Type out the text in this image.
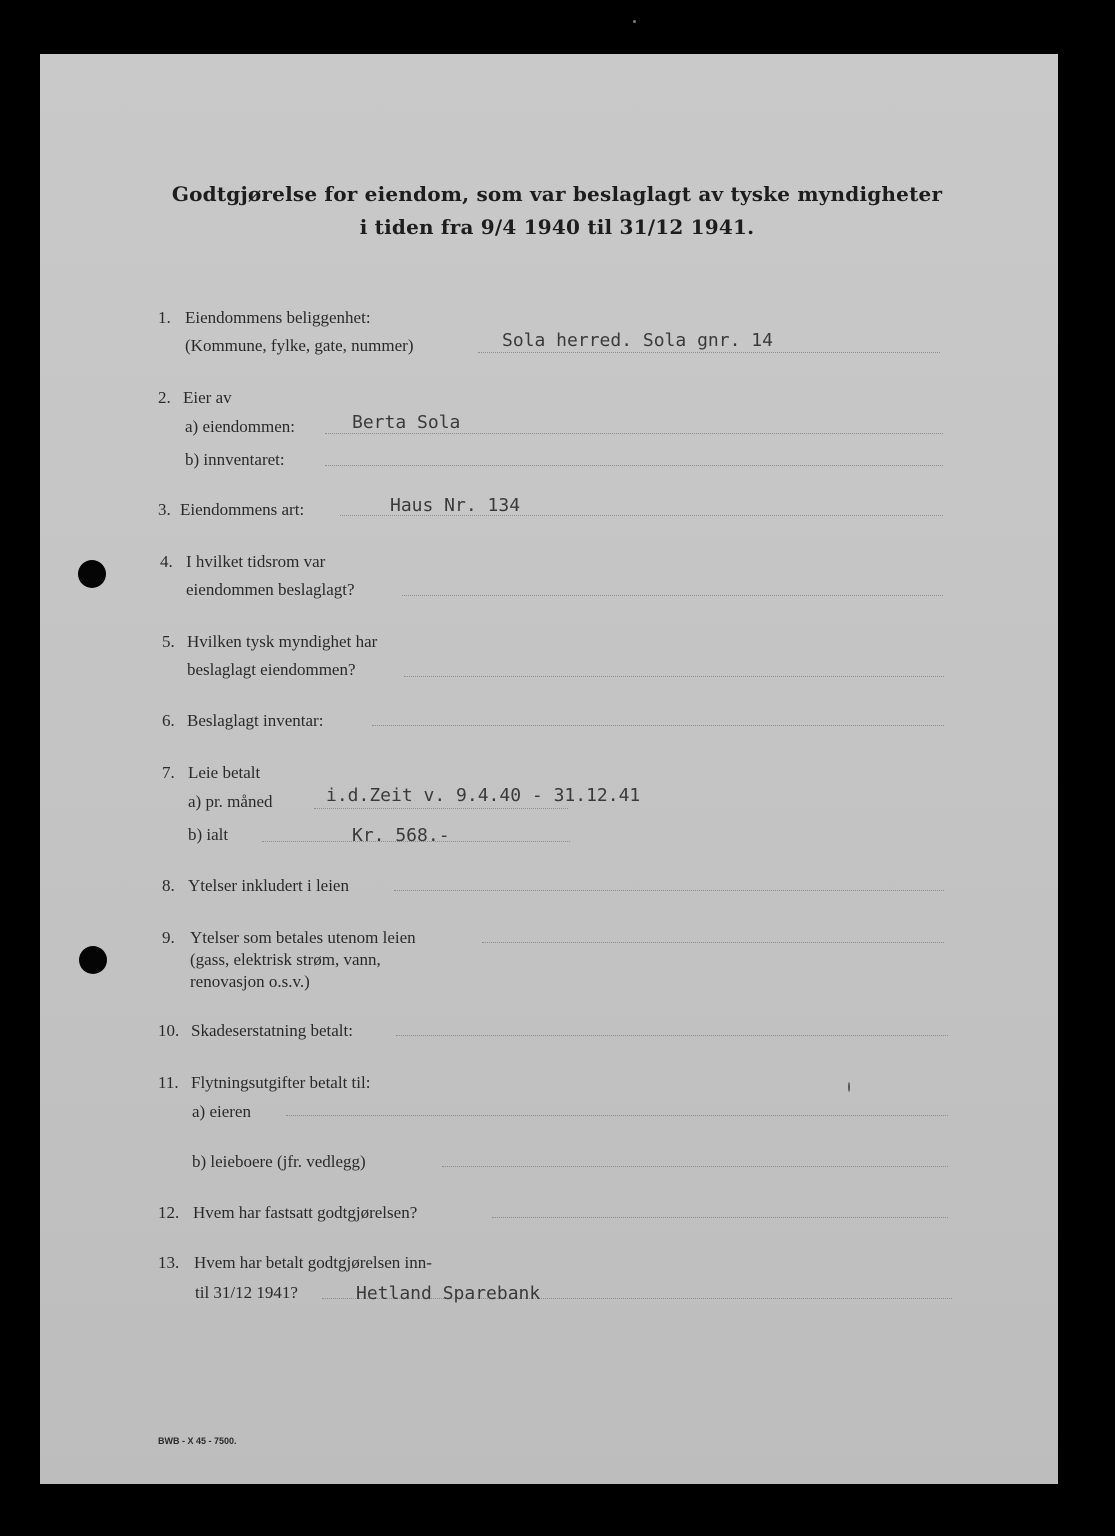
Godtgjørelse for eiendom, som var beslaglagt av tyske myndigheter
i tiden fra 9/4 1940 til 31/12 1941.
1. Eiendommens beliggenhet:
(Kommune, fylke, gate, nummer)	Sola herred. Sola gnr. 14
2. Eier av
a) eiendommen:	Berta Sola
b) innventaret:
3. Eiendommens art:	Haus Nr. 134
4. I hvilket tidsrom var
eiendommen beslaglagt?
5. Hvilken tysk myndighet har
beslaglagt eiendommen?
6. Beslaglagt inventar:
7. Leie betalt
a) pr. måned	i.d.Zeit v. 9.4.40 - 31.12.41
b) ialt	Kr. 568.-
8. Ytelser inkludert i leien
9. Ytelser som betales utenom leien
(gass, elektrisk strøm, vann,
renovasjon o.s.v.)
10. Skadeserstatning betalt:
11. Flytningsutgifter betalt til:
a) eieren
b) leieboere (jfr. vedlegg)
12. Hvem har fastsatt godtgjørelsen?
13. Hvem har betalt godtgjørelsen inn-
til 31/12 1941?	Hetland Sparebank
BWB - X 45 - 7500.
